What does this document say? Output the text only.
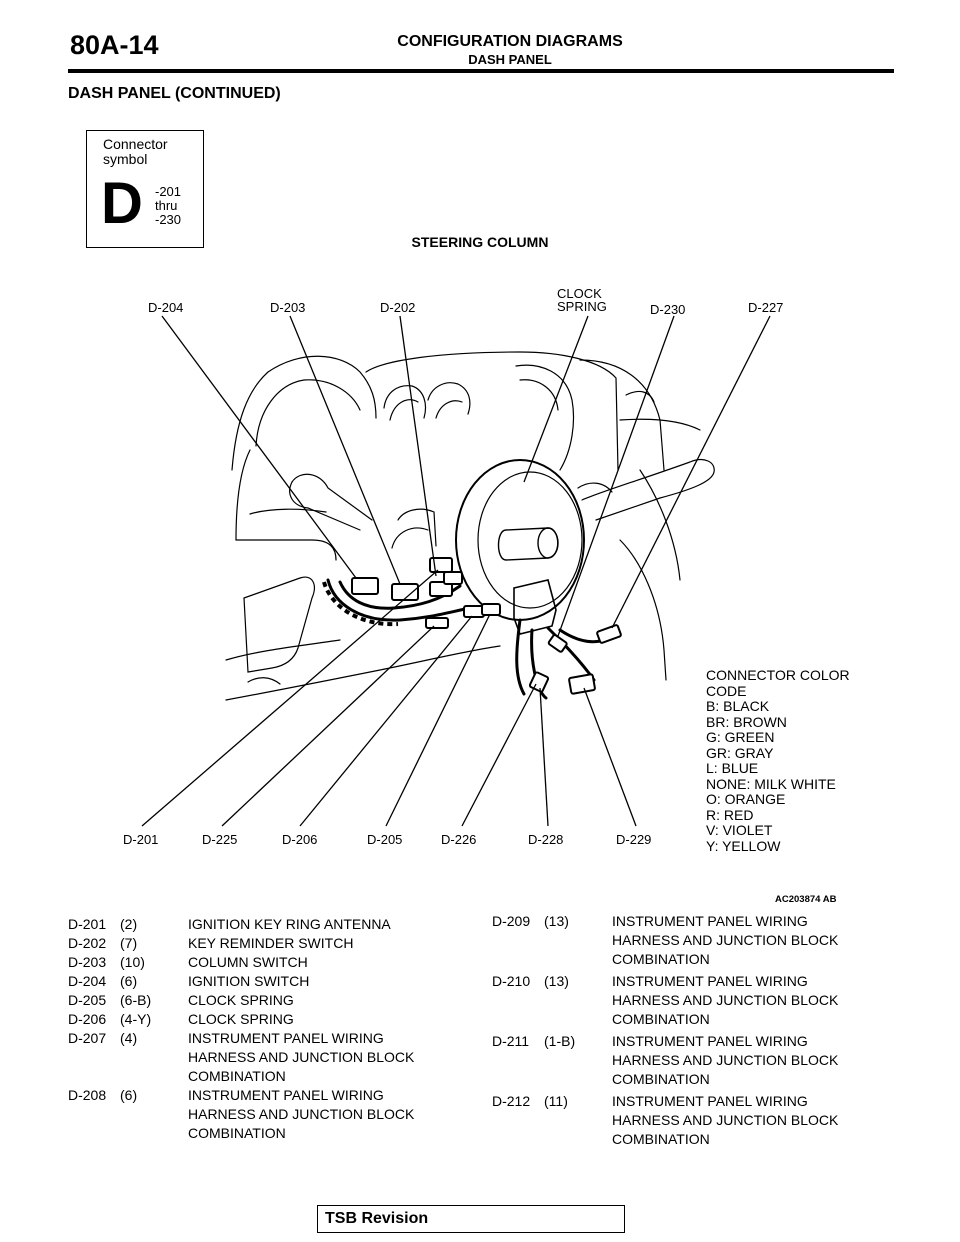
80A-14	CONFIGURATION DIAGRAMS
DASH PANEL
DASH PANEL (CONTINUED)
Connector
symbol
D -201
thru
-230
STEERING COLUMN
D-204	D-203	D-202
CLOCK
SPRING	D-230	D-227
D-201	D-225	D-206	D-205	D-226	D-228	D-229
CONNECTOR COLOR
CODE
B: BLACK
BR: BROWN
G: GREEN
GR: GRAY
L: BLUE
NONE: MILK WHITE
O: ORANGE
R: RED
V: VIOLET
Y: YELLOW
AC203874 AB
D-201 (2)	IGNITION KEY RING ANTENNA
D-202 (7)	KEY REMINDER SWITCH
D-203 (10)	COLUMN SWITCH
D-204 (6)	IGNITION SWITCH
D-205 (6-B)	CLOCK SPRING
D-206 (4-Y)	CLOCK SPRING
D-207 (4)	INSTRUMENT PANEL WIRING
HARNESS AND JUNCTION BLOCK
COMBINATION
D-208 (6)	INSTRUMENT PANEL WIRING
HARNESS AND JUNCTION BLOCK
COMBINATION
D-209 (13)	INSTRUMENT PANEL WIRING
HARNESS AND JUNCTION BLOCK
COMBINATION
D-210 (13)	INSTRUMENT PANEL WIRING
HARNESS AND JUNCTION BLOCK
COMBINATION
D-211 (1-B)	INSTRUMENT PANEL WIRING
HARNESS AND JUNCTION BLOCK
COMBINATION
D-212 (11)	INSTRUMENT PANEL WIRING
HARNESS AND JUNCTION BLOCK
COMBINATION
TSB Revision
